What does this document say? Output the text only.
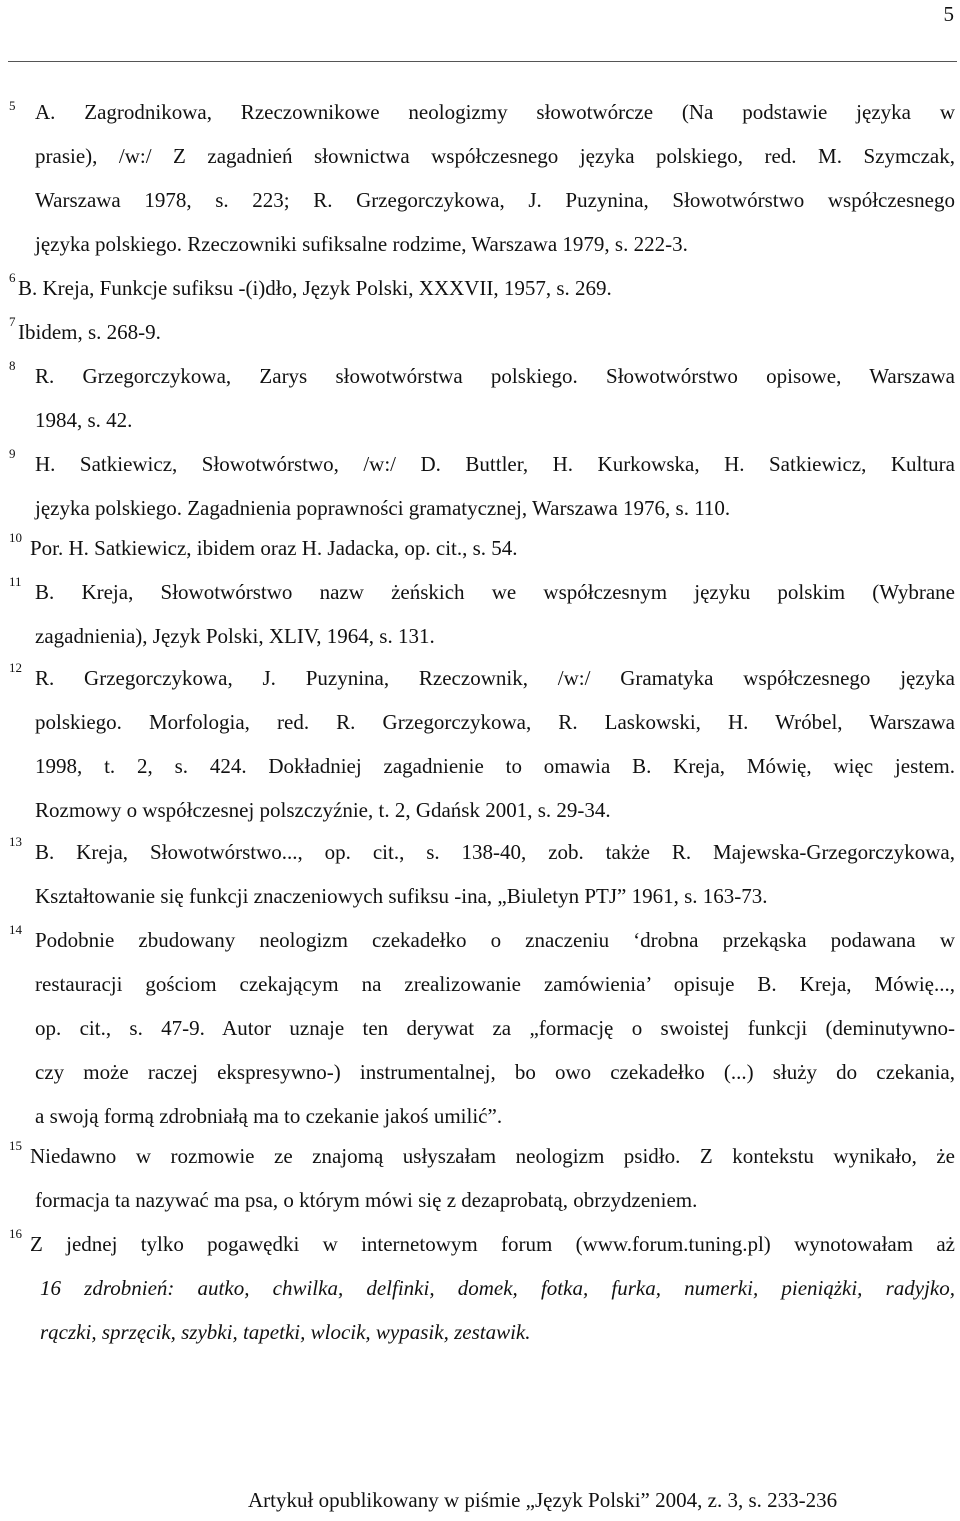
5
5 A. Zagrodnikowa, Rzeczownikowe neologizmy słowotwórcze (Na podstawie języka w
prasie), /w:/ Z zagadnień słownictwa współczesnego języka polskiego, red. M. Szymczak,
Warszawa 1978, s. 223; R. Grzegorczykowa, J. Puzynina, Słowotwórstwo współczesnego
języka polskiego. Rzeczowniki sufiksalne rodzime, Warszawa 1979, s. 222-3.
6 B. Kreja, Funkcje sufiksu -(i)dło, Język Polski, XXXVII, 1957, s. 269.
7 Ibidem, s. 268-9.
8 R. Grzegorczykowa, Zarys słowotwórstwa polskiego. Słowotwórstwo opisowe, Warszawa
1984, s. 42.
9 H. Satkiewicz, Słowotwórstwo, /w:/ D. Buttler, H. Kurkowska, H. Satkiewicz, Kultura
języka polskiego. Zagadnienia poprawności gramatycznej, Warszawa 1976, s. 110.
10 Por. H. Satkiewicz, ibidem oraz H. Jadacka, op. cit., s. 54.
11 B. Kreja, Słowotwórstwo nazw żeńskich we współczesnym języku polskim (Wybrane
zagadnienia), Język Polski, XLIV, 1964, s. 131.
12 R. Grzegorczykowa, J. Puzynina, Rzeczownik, /w:/ Gramatyka współczesnego języka
polskiego. Morfologia, red. R. Grzegorczykowa, R. Laskowski, H. Wróbel, Warszawa
1998, t. 2, s. 424. Dokładniej zagadnienie to omawia B. Kreja, Mówię, więc jestem.
Rozmowy o współczesnej polszczyźnie, t. 2, Gdańsk 2001, s. 29-34.
13 B. Kreja, Słowotwórstwo..., op. cit., s. 138-40, zob. także R. Majewska-Grzegorczykowa,
Kształtowanie się funkcji znaczeniowych sufiksu -ina, „Biuletyn PTJ” 1961, s. 163-73.
14 Podobnie zbudowany neologizm czekadełko o znaczeniu ‘drobna przekąska podawana w
restauracji gościom czekającym na zrealizowanie zamówienia’ opisuje B. Kreja, Mówię...,
op. cit., s. 47-9. Autor uznaje ten derywat za „formację o swoistej funkcji (deminutywno-
czy może raczej ekspresywno-) instrumentalnej, bo owo czekadełko (...) służy do czekania,
a swoją formą zdrobniałą ma to czekanie jakoś umilić”.
15 Niedawno w rozmowie ze znajomą usłyszałam neologizm psidło. Z kontekstu wynikało, że
formacja ta nazywać ma psa, o którym mówi się z dezaprobatą, obrzydzeniem.
16 Z jednej tylko pogawędki w internetowym forum (www.forum.tuning.pl) wynotowałam aż
16 zdrobnień: autko, chwilka, delfinki, domek, fotka, furka, numerki, pieniążki, radyjko,
rączki, sprzęcik, szybki, tapetki, wlocik, wypasik, zestawik.
Artykuł opublikowany w piśmie „Język Polski” 2004, z. 3, s. 233-236
